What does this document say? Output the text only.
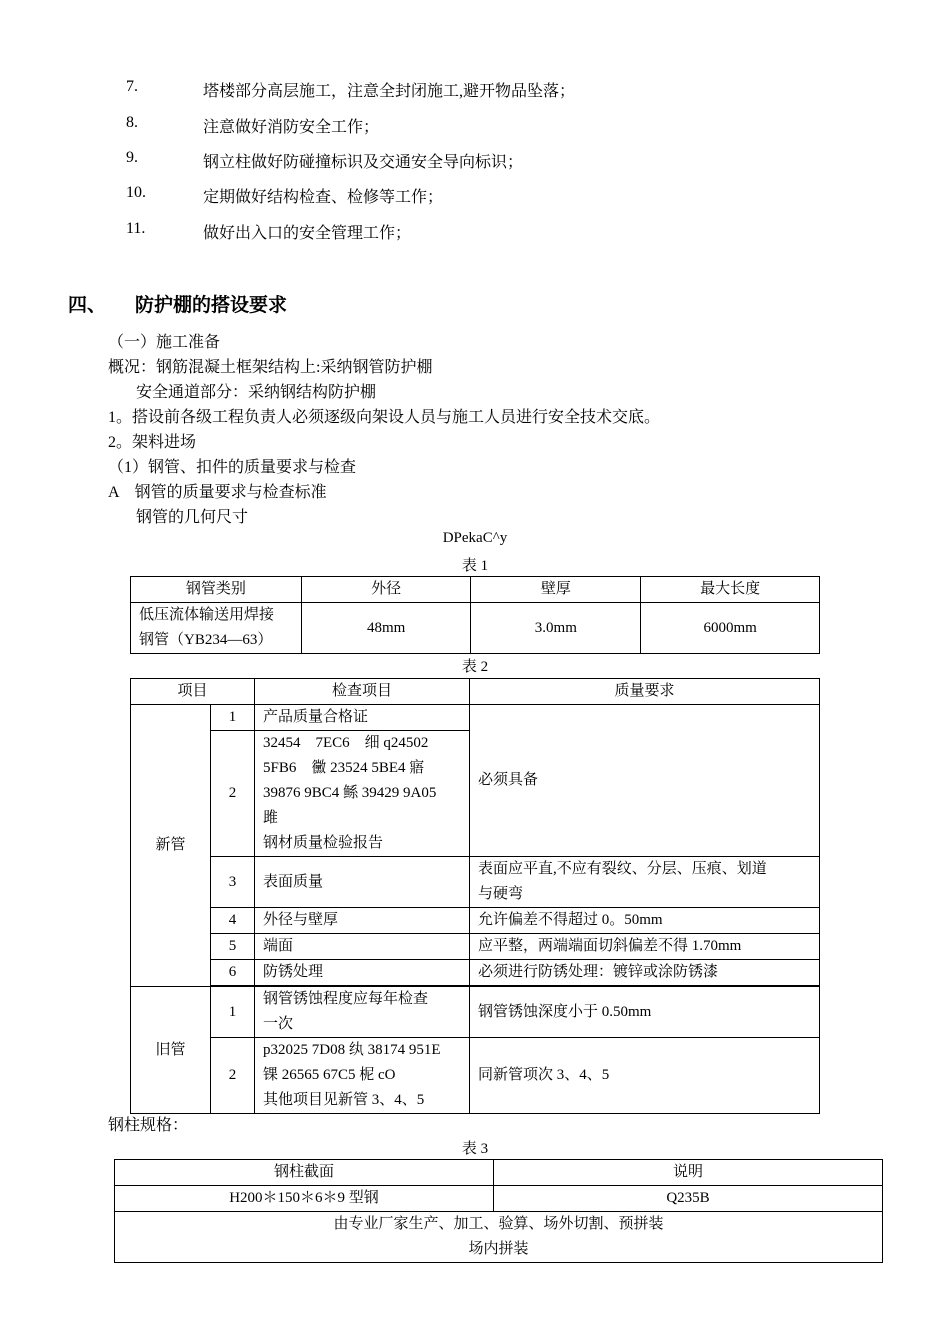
7.	塔楼部分高层施工，注意全封闭施工,避开物品坠落；
8.	注意做好消防安全工作；
9.	钢立柱做好防碰撞标识及交通安全导向标识；
10.	定期做好结构检查、检修等工作；
11.	做好出入口的安全管理工作；
四、 防护棚的搭设要求
（一）施工准备
概况：钢筋混凝土框架结构上:采纳钢管防护棚
安全通道部分：采纳钢结构防护棚
1。搭设前各级工程负责人必须逐级向架设人员与施工人员进行安全技术交底。
2。架料进场
（1）钢管、扣件的质量要求与检查
A　钢管的质量要求与检查标准
钢管的几何尺寸
DPekaC^y
表 1
钢管类别	外径	壁厚	最大长度

低压流体输送用焊接
钢管（YB234—63）	48mm	3.0mm	6000mm
表 2
项目		检查项目	质量要求
新管	1	产品质量合格证	必须具备
	2	32454　7EC6　细 q24502
5FB6　黴 23524 5BE4 寤
39876 9BC4 鲧 39429 9A05
雎
钢材质量检验报告	

	3	表面质量	表面应平直,不应有裂纹、分层、压痕、划道
与硬弯

	4	外径与壁厚	允许偏差不得超过 0。50mm
	5	端面	应平整，两端端面切斜偏差不得 1.70mm
	6	防锈处理	必须进行防锈处理：镀锌或涂防锈漆

旧管	1	钢管锈蚀程度应每年检查
一次	钢管锈蚀深度小于 0.50mm
	2	p32025 7D08 纨 38174 951E
锞 26565 67C5 柅 cO
其他项目见新管 3、4、5	同新管项次 3、4、5
钢柱规格：
表 3
钢柱截面	说明
H200＊150＊6＊9 型钢	Q235B

由专业厂家生产、加工、验算、场外切割、预拼装
场内拼装	
